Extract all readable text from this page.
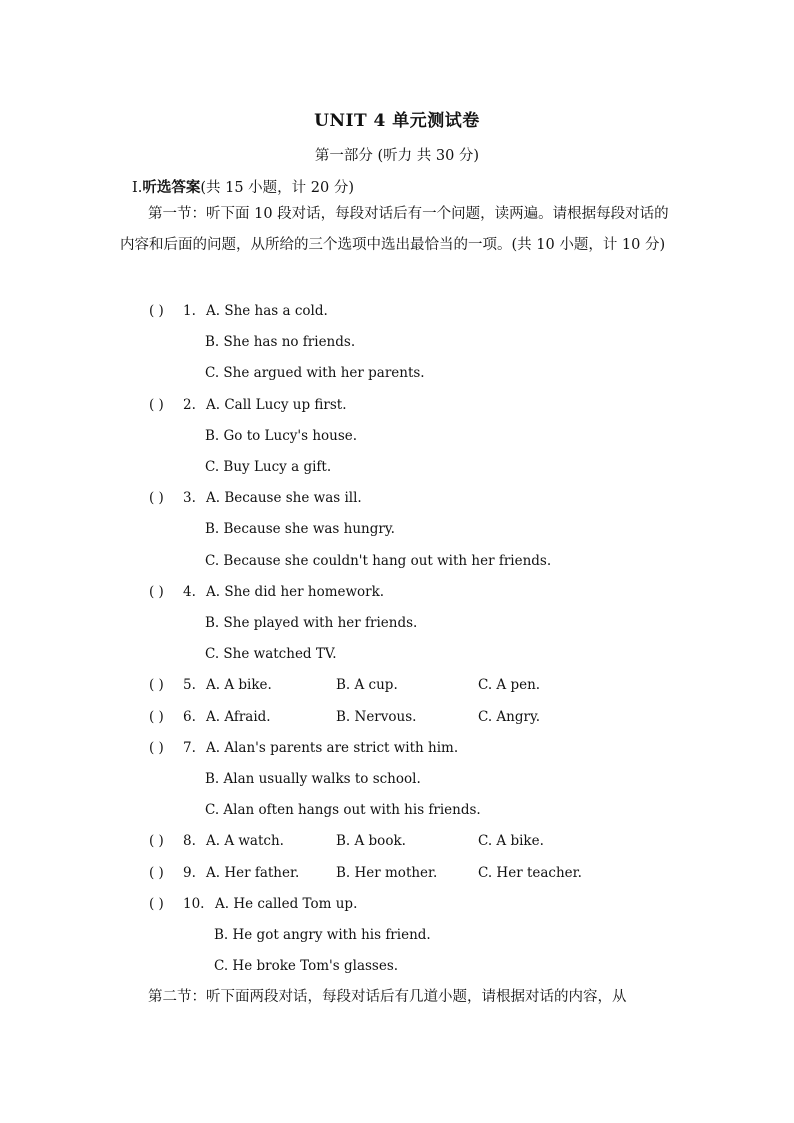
UNIT 4 单元测试卷
第一部分 (听力 共 30 分)
Ⅰ.听选答案(共 15 小题，计 20 分)
第一节：听下面 10 段对话，每段对话后有一个问题，读两遍。请根据每段对话的内容和后面的问题，从所给的三个选项中选出最恰当的一项。(共 10 小题，计 10 分)
( ) 1. A. She has a cold.
B. She has no friends.
C. She argued with her parents.
( ) 2. A. Call Lucy up first.
B. Go to Lucy's house.
C. Buy Lucy a gift.
( ) 3. A. Because she was ill.
B. Because she was hungry.
C. Because she couldn't hang out with her friends.
( ) 4. A. She did her homework.
B. She played with her friends.
C. She watched TV.
( ) 5. A. A bike.	B. A cup.	C. A pen.
( ) 6. A. Afraid.	B. Nervous.	C. Angry.
( ) 7. A. Alan's parents are strict with him.
B. Alan usually walks to school.
C. Alan often hangs out with his friends.
( ) 8. A. A watch.	B. A book.	C. A bike.
( ) 9. A. Her father.	B. Her mother.	C. Her teacher.
( ) 10. A. He called Tom up.
B. He got angry with his friend.
C. He broke Tom's glasses.
第二节：听下面两段对话，每段对话后有几道小题，请根据对话的内容，从
